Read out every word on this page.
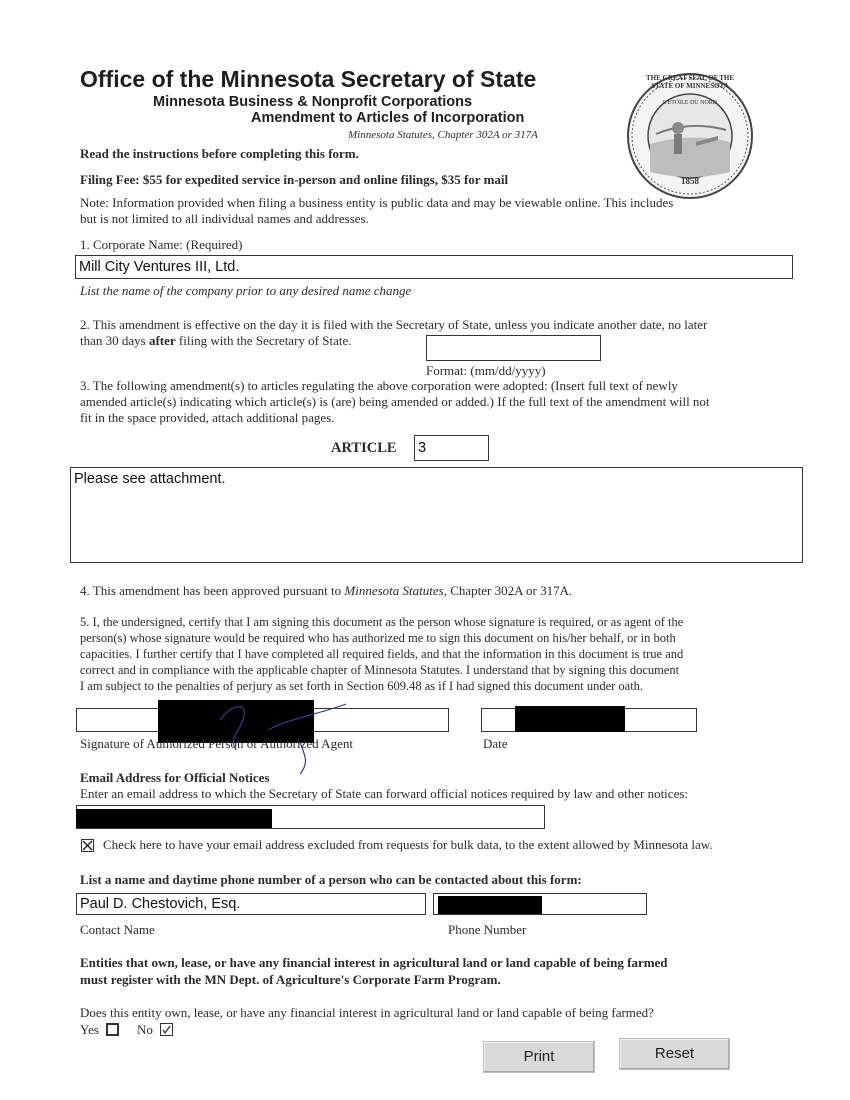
Office of the Minnesota Secretary of State
Minnesota Business & Nonprofit Corporations
Amendment to Articles of Incorporation
Minnesota Statutes, Chapter 302A or 317A
THE GREAT SEAL OF THE STATE OF MINNESOTA
L'ETOILE DU NORD
1858
Read the instructions before completing this form.
Filing Fee: $55 for expedited service in-person and online filings, $35 for mail
Note: Information provided when filing a business entity is public data and may be viewable online. This includes
but is not limited to all individual names and addresses.
1. Corporate Name: (Required)
Mill City Ventures III, Ltd.
List the name of the company prior to any desired name change
2. This amendment is effective on the day it is filed with the Secretary of State, unless you indicate another date, no later
than 30 days after filing with the Secretary of State.
Format: (mm/dd/yyyy)
3. The following amendment(s) to articles regulating the above corporation were adopted: (Insert full text of newly
amended article(s) indicating which article(s) is (are) being amended or added.) If the full text of the amendment will not
fit in the space provided, attach additional pages.
ARTICLE 3
Please see attachment.
4. This amendment has been approved pursuant to Minnesota Statutes, Chapter 302A or 317A.
5. I, the undersigned, certify that I am signing this document as the person whose signature is required, or as agent of the
person(s) whose signature would be required who has authorized me to sign this document on his/her behalf, or in both
capacities. I further certify that I have completed all required fields, and that the information in this document is true and
correct and in compliance with the applicable chapter of Minnesota Statutes. I understand that by signing this document
I am subject to the penalties of perjury as set forth in Section 609.48 as if I had signed this document under oath.
Signature of Authorized Person or Authorized Agent	Date
Email Address for Official Notices
Enter an email address to which the Secretary of State can forward official notices required by law and other notices:
Check here to have your email address excluded from requests for bulk data, to the extent allowed by Minnesota law.
List a name and daytime phone number of a person who can be contacted about this form:
Paul D. Chestovich, Esq.
Contact Name	Phone Number
Entities that own, lease, or have any financial interest in agricultural land or land capable of being farmed
must register with the MN Dept. of Agriculture's Corporate Farm Program.
Does this entity own, lease, or have any financial interest in agricultural land or land capable of being farmed?
Yes	No
Print	Reset
